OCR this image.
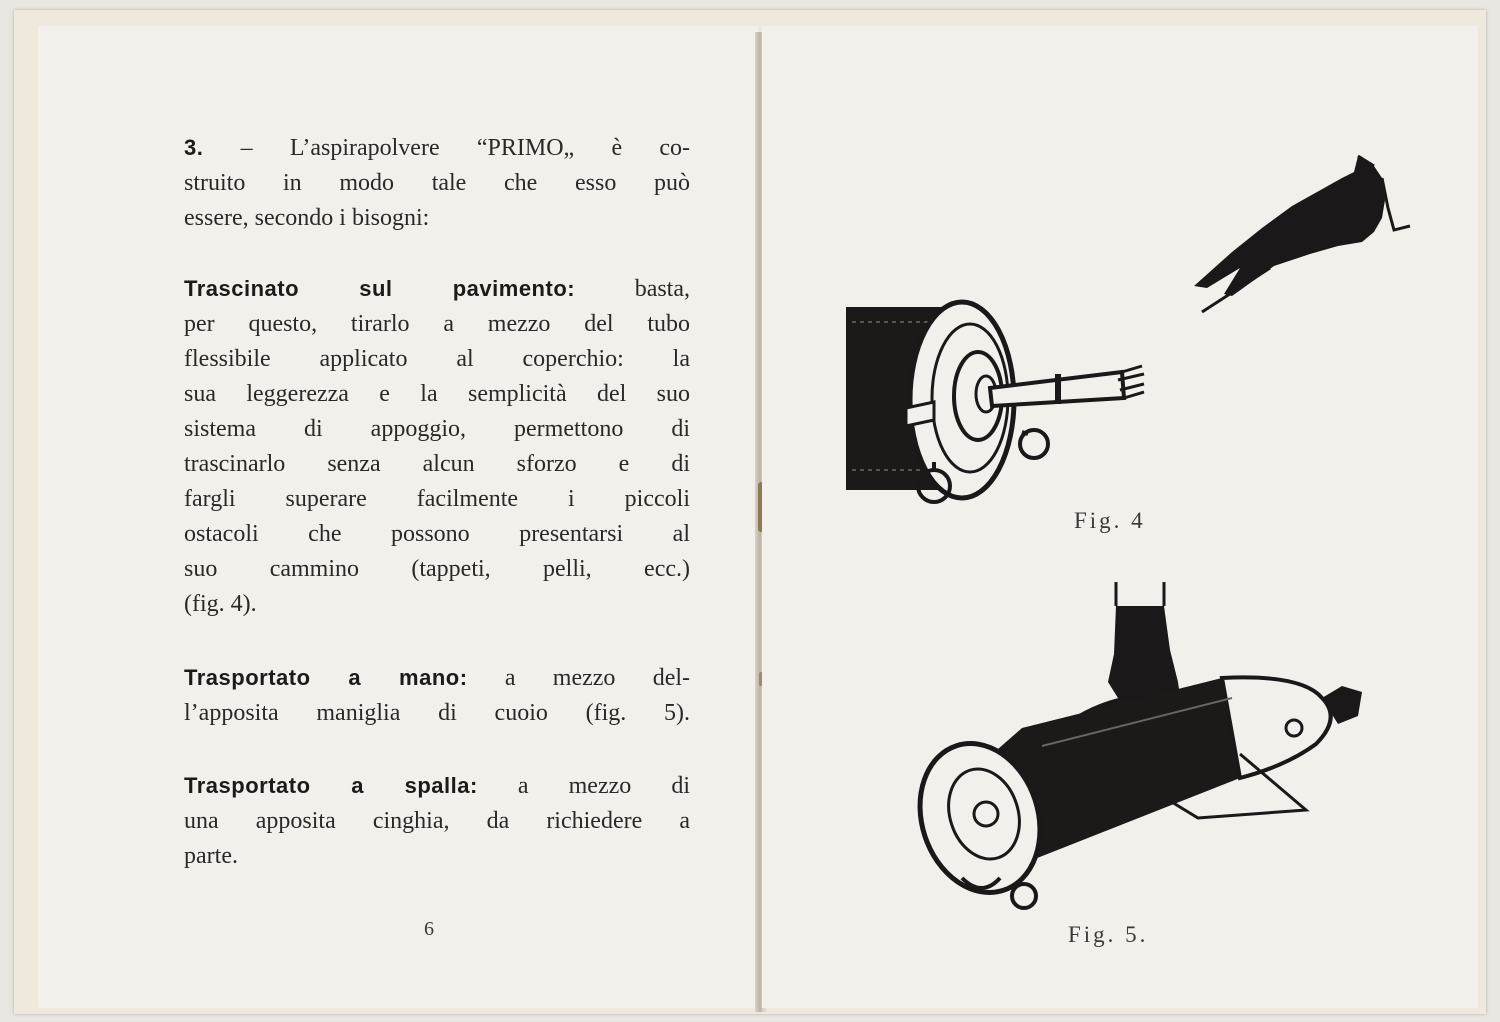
3. – L’aspirapolvere “PRIMO„ è co-
struito in modo tale che esso può
essere, secondo i bisogni:
Trascinato sul pavimento: basta,
per questo, tirarlo a mezzo del tubo
flessibile applicato al coperchio: la
sua leggerezza e la semplicità del suo
sistema di appoggio, permettono di
trascinarlo senza alcun sforzo e di
fargli superare facilmente i piccoli
ostacoli che possono presentarsi al
suo cammino (tappeti, pelli, ecc.)
(fig. 4).
Trasportato a mano: a mezzo del-
l’apposita maniglia di cuoio (fig. 5).
Trasportato a spalla: a mezzo di
una apposita cinghia, da richiedere a
parte.
6
Fig. 4
Fig. 5.
